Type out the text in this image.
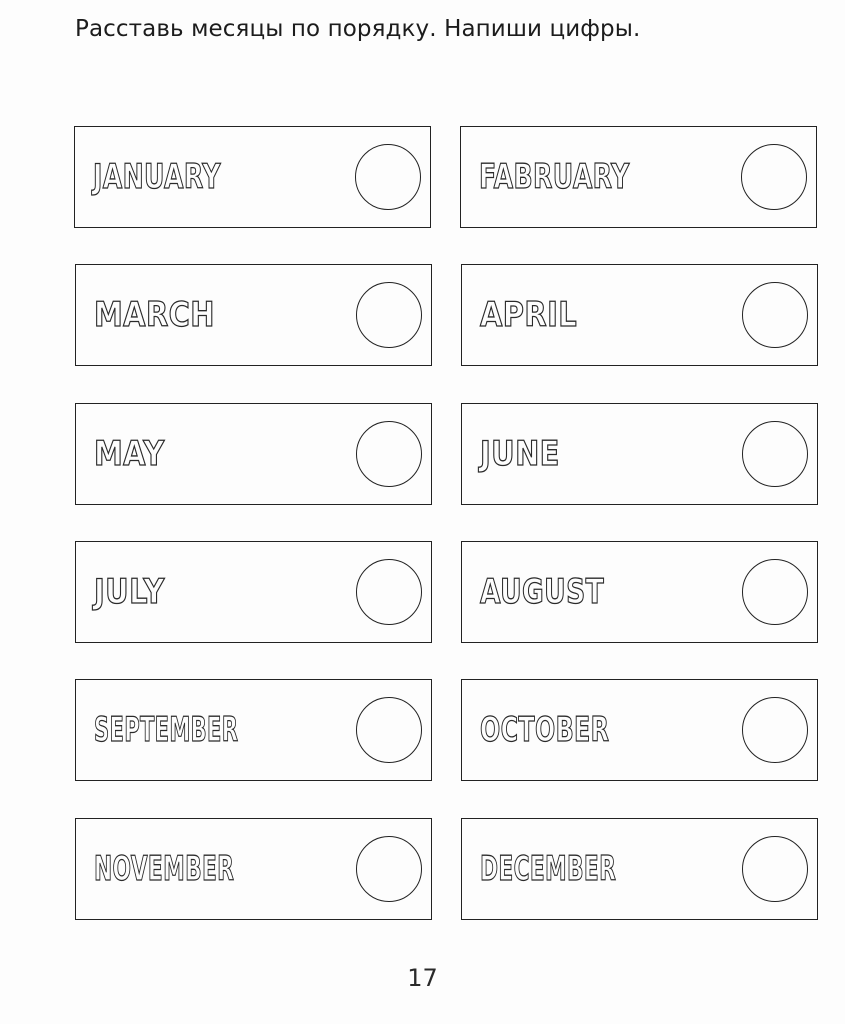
Расставь месяцы по порядку. Напиши цифры.
JANUARY	FABRUARY
MARCH	APRIL
MAY	JUNE
JULY	AUGUST
SEPTEMBER	OCTOBER
NOVEMBER	DECEMBER
17
